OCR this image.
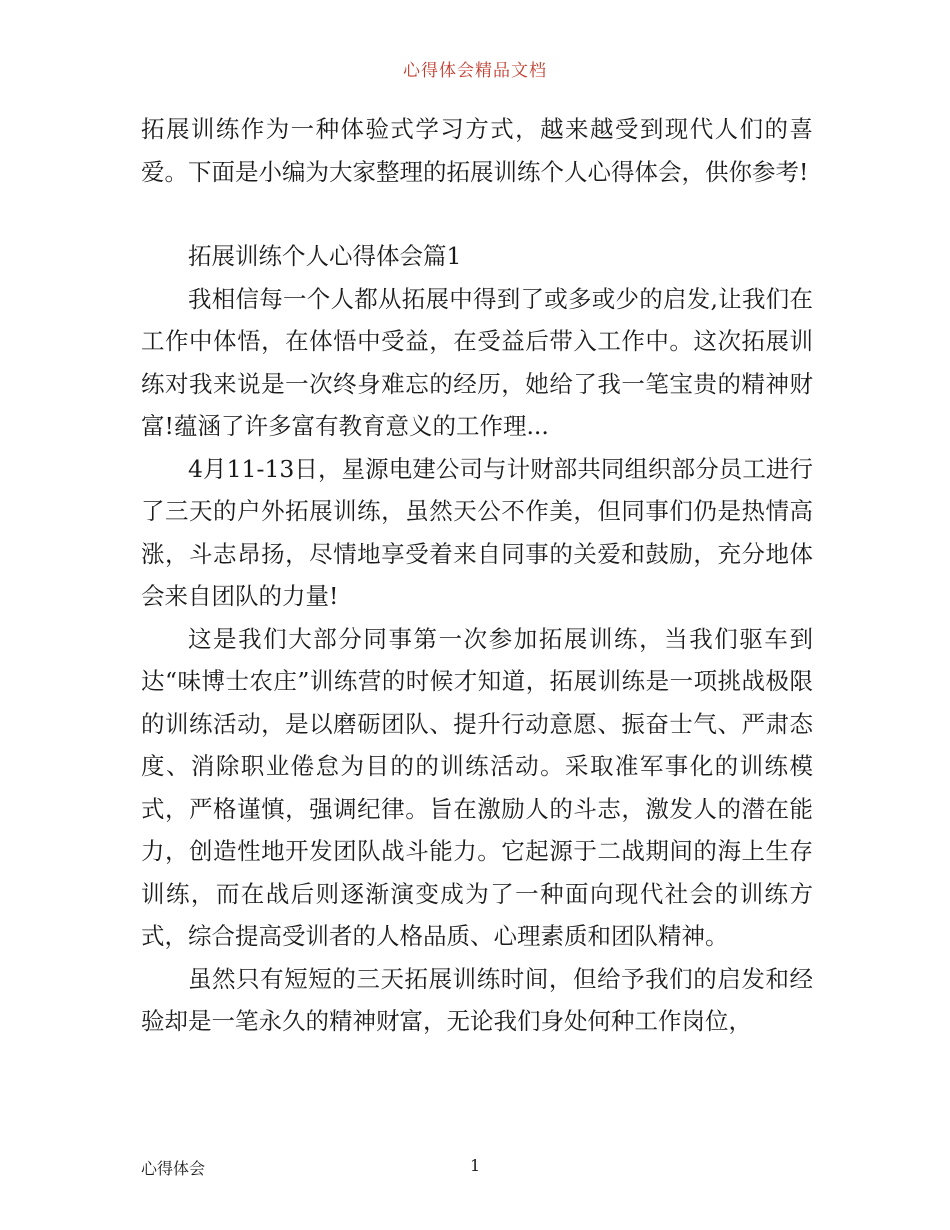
心得体会精品文档

拓展训练作为一种体验式学习方式，越来越受到现代人们的喜爱。下面是小编为大家整理的拓展训练个人心得体会，供你参考!

拓展训练个人心得体会篇1

我相信每一个人都从拓展中得到了或多或少的启发,让我们在工作中体悟，在体悟中受益，在受益后带入工作中。这次拓展训练对我来说是一次终身难忘的经历，她给了我一笔宝贵的精神财富!蕴涵了许多富有教育意义的工作理...

4月11-13日，星源电建公司与计财部共同组织部分员工进行了三天的户外拓展训练，虽然天公不作美，但同事们仍是热情高涨，斗志昂扬，尽情地享受着来自同事的关爱和鼓励，充分地体会来自团队的力量!

这是我们大部分同事第一次参加拓展训练，当我们驱车到达“味博士农庄”训练营的时候才知道，拓展训练是一项挑战极限的训练活动，是以磨砺团队、提升行动意愿、振奋士气、严肃态度、消除职业倦怠为目的的训练活动。采取准军事化的训练模式，严格谨慎，强调纪律。旨在激励人的斗志，激发人的潜在能力，创造性地开发团队战斗能力。它起源于二战期间的海上生存训练，而在战后则逐渐演变成为了一种面向现代社会的训练方式，综合提高受训者的人格品质、心理素质和团队精神。

虽然只有短短的三天拓展训练时间，但给予我们的启发和经验却是一笔永久的精神财富，无论我们身处何种工作岗位，

心得体会	1
